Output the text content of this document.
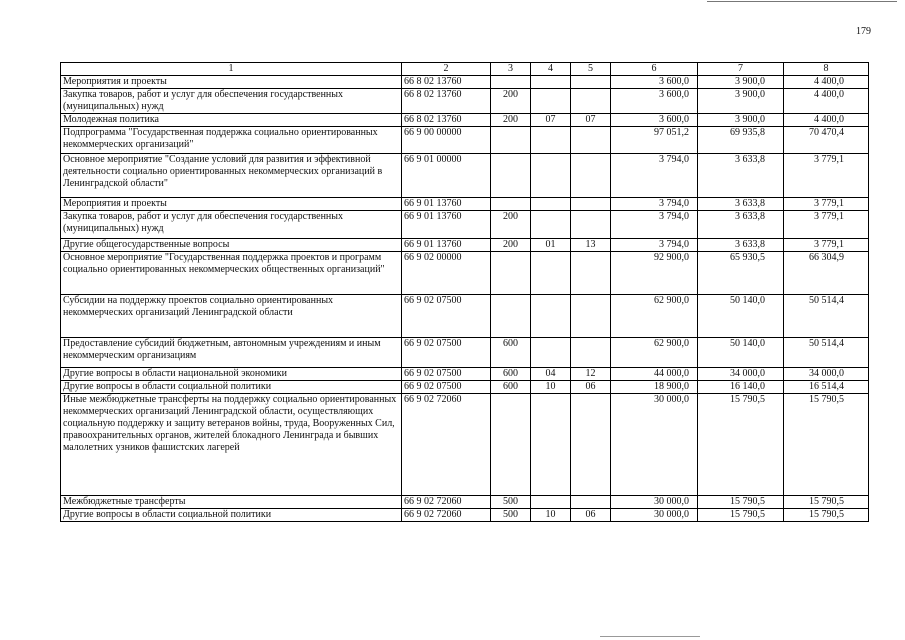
179
1	2	3	4	5	6	7	8
Мероприятия и проекты	66 8 02 13760				3 600,0	3 900,0	4 400,0
Закупка товаров, работ и услуг для обеспечения государственных (муниципальных) нужд	66 8 02 13760	200			3 600,0	3 900,0	4 400,0
Молодежная политика	66 8 02 13760	200	07	07	3 600,0	3 900,0	4 400,0
Подпрограмма "Государственная поддержка социально ориентированных некоммерческих организаций"	66 9 00 00000				97 051,2	69 935,8	70 470,4
Основное мероприятие "Создание условий для развития и эффективной деятельности социально ориентированных некоммерческих организаций в Ленинградской области"	66 9 01 00000				3 794,0	3 633,8	3 779,1
Мероприятия и проекты	66 9 01 13760				3 794,0	3 633,8	3 779,1
Закупка товаров, работ и услуг для обеспечения государственных (муниципальных) нужд	66 9 01 13760	200			3 794,0	3 633,8	3 779,1
Другие общегосударственные вопросы	66 9 01 13760	200	01	13	3 794,0	3 633,8	3 779,1
Основное мероприятие "Государственная поддержка проектов и программ социально ориентированных некоммерческих общественных организаций"	66 9 02 00000				92 900,0	65 930,5	66 304,9
Субсидии на поддержку проектов социально ориентированных некоммерческих организаций Ленинградской области	66 9 02 07500				62 900,0	50 140,0	50 514,4
Предоставление субсидий бюджетным, автономным учреждениям и иным некоммерческим организациям	66 9 02 07500	600			62 900,0	50 140,0	50 514,4
Другие вопросы в области национальной экономики	66 9 02 07500	600	04	12	44 000,0	34 000,0	34 000,0
Другие вопросы в области социальной политики	66 9 02 07500	600	10	06	18 900,0	16 140,0	16 514,4
Иные межбюджетные трансферты на поддержку социально ориентированных некоммерческих организаций Ленинградской области, осуществляющих социальную поддержку и защиту ветеранов войны, труда, Вооруженных Сил, правоохранительных органов, жителей блокадного Ленинграда и бывших малолетних узников фашистских лагерей	66 9 02 72060				30 000,0	15 790,5	15 790,5
Межбюджетные трансферты	66 9 02 72060	500			30 000,0	15 790,5	15 790,5
Другие вопросы в области социальной политики	66 9 02 72060	500	10	06	30 000,0	15 790,5	15 790,5
